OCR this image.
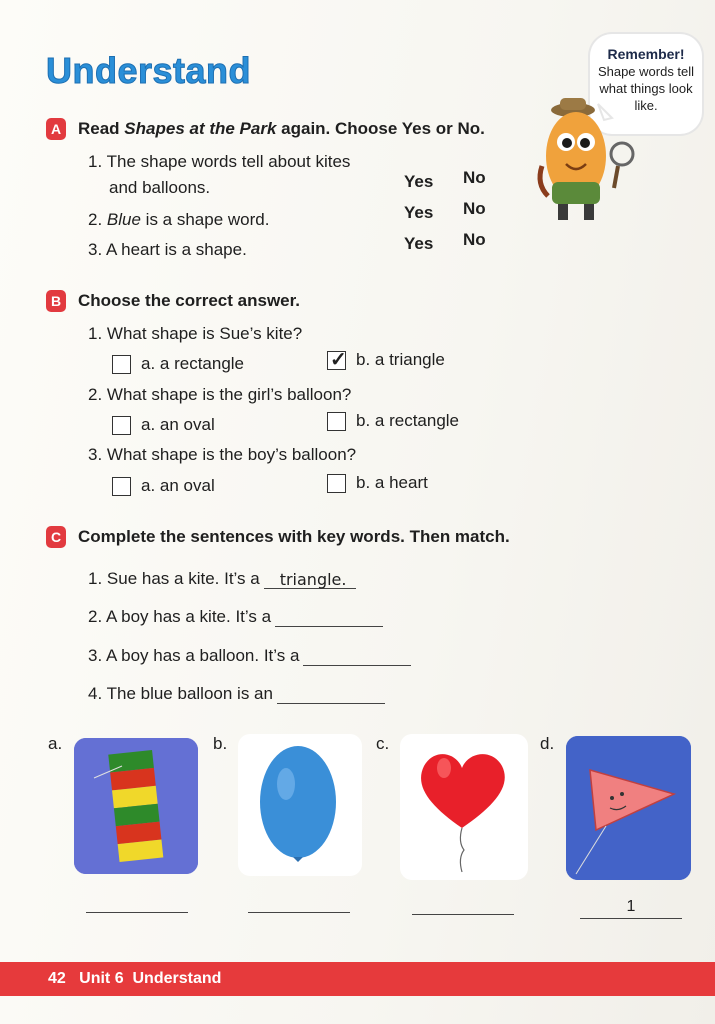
Understand	Remember!
Shape words tell what things look like.
A Read Shapes at the Park again. Choose Yes or No.
1. The shape words tell about kites
and balloons.	Yes No
2. Blue is a shape word.	Yes No
3. A heart is a shape.	Yes No
B Choose the correct answer.
1. What shape is Sue’s kite?
a. a rectangle	✓ b. a triangle
2. What shape is the girl’s balloon?
a. an oval	b. a rectangle
3. What shape is the boy’s balloon?
a. an oval	b. a heart
C Complete the sentences with key words. Then match.
1. Sue has a kite. It’s a triangle.
2. A boy has a kite. It’s a
3. A boy has a balloon. It’s a
4. The blue balloon is an
a.	b.	c.	d.
1
42 Unit 6 Understand
